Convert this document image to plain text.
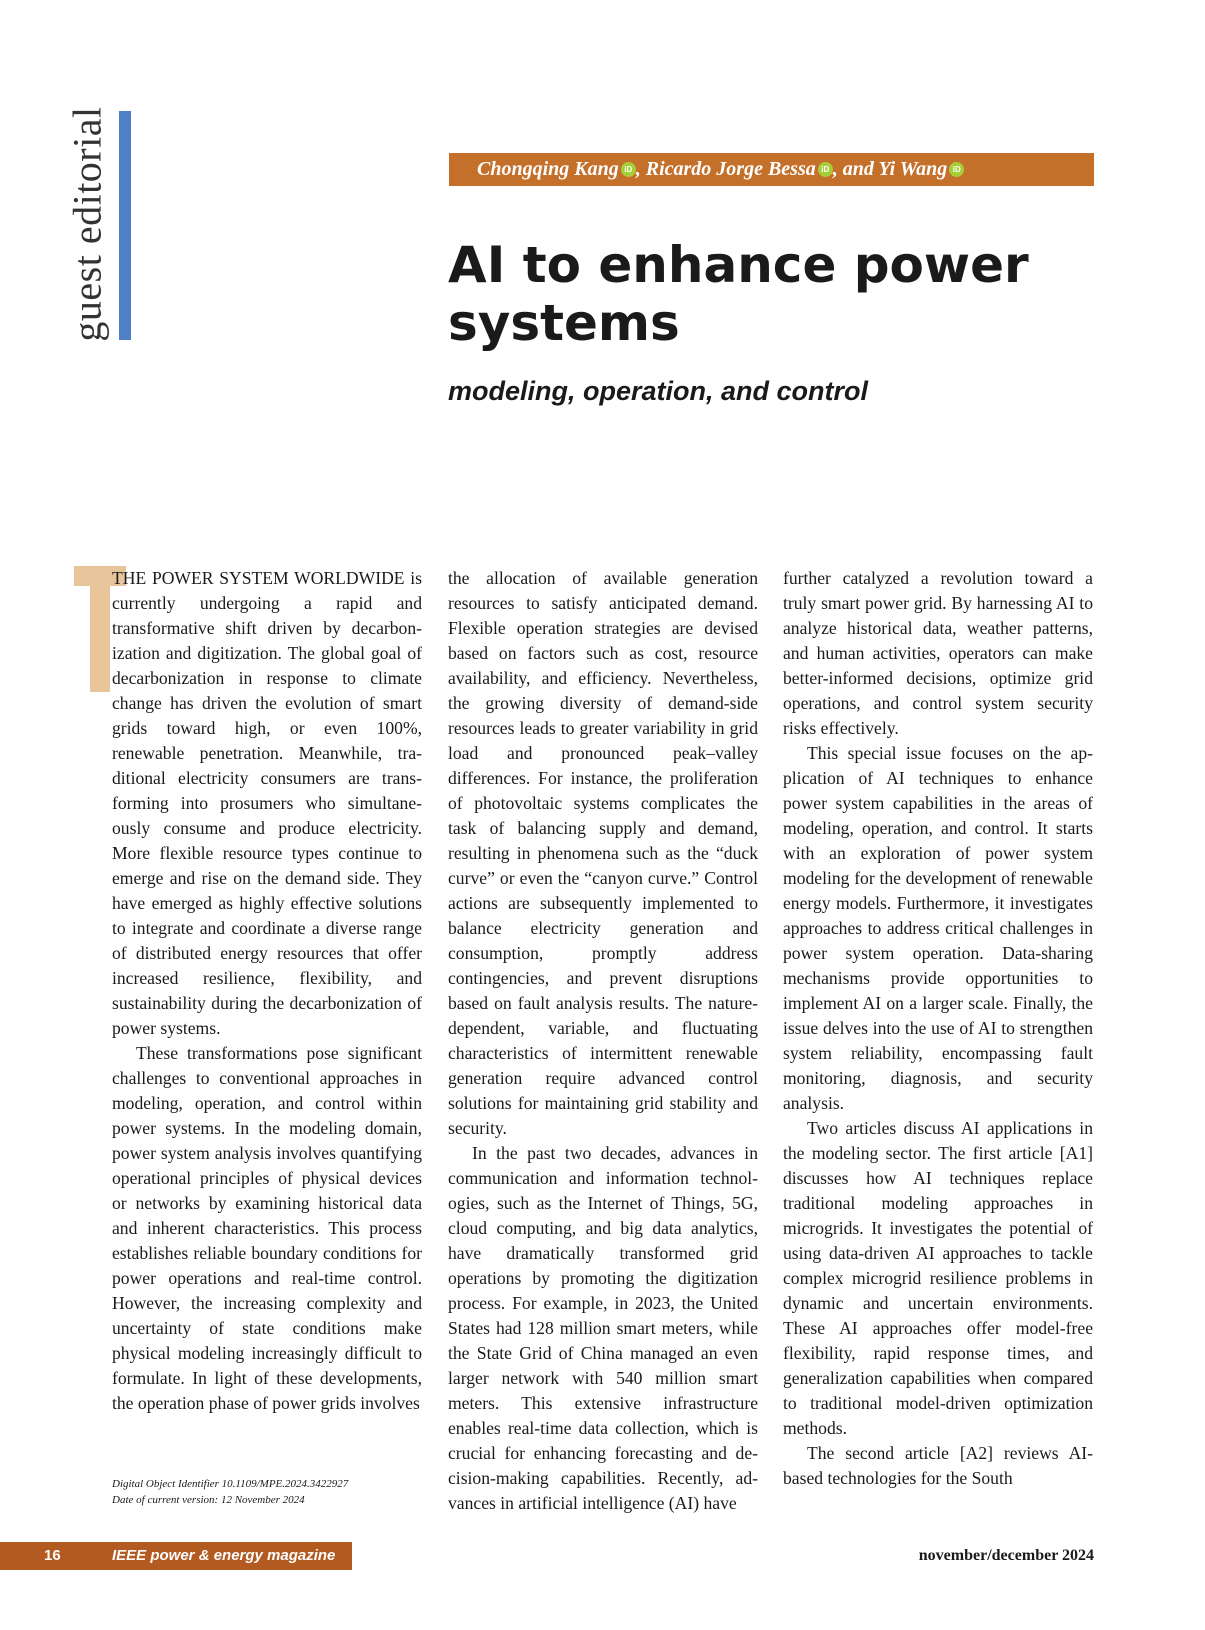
guest editorial	Chongqing Kang iD , Ricardo Jorge Bessa iD , and Yi Wang iD
AI to enhance power systems
modeling, operation, and control

THE POWER SYSTEM WORLDWIDE is currently undergoing a rapid and transformative shift driven by decarbonization and digitization. The global goal of decarbonization in response to climate change has driven the evolution of smart grids toward high, or even 100%, renewable penetration. Meanwhile, traditional electricity consumers are transforming into prosumers who simultaneously consume and produce electricity. More flexible resource types continue to emerge and rise on the demand side. They have emerged as highly effective solutions to integrate and coordinate a diverse range of distributed energy resources that offer increased resilience, flexibility, and sustainability during the decarbonization of power systems.

These transformations pose significant challenges to conventional approaches in modeling, operation, and control within power systems. In the modeling domain, power system analysis involves quantifying operational principles of physical devices or networks by examining historical data and inherent characteristics. This process establishes reliable boundary conditions for power operations and real-time control. However, the increasing complexity and uncertainty of state conditions make physical modeling increasingly difficult to formulate. In light of these developments, the operation phase of power grids involves

the allocation of available generation resources to satisfy anticipated demand. Flexible operation strategies are devised based on factors such as cost, resource availability, and efficiency. Nevertheless, the growing diversity of demand-side resources leads to greater variability in grid load and pronounced peak–valley differences. For instance, the proliferation of photovoltaic systems complicates the task of balancing supply and demand, resulting in phenomena such as the “duck curve” or even the “canyon curve.” Control actions are subsequently implemented to balance electricity generation and consumption, promptly address contingencies, and prevent disruptions based on fault analysis results. The nature-dependent, variable, and fluctuating characteristics of intermittent renewable generation require advanced control solutions for maintaining grid stability and security.

In the past two decades, advances in communication and information technologies, such as the Internet of Things, 5G, cloud computing, and big data analytics, have dramatically transformed grid operations by promoting the digitization process. For example, in 2023, the United States had 128 million smart meters, while the State Grid of China managed an even larger network with 540 million smart meters. This extensive infrastructure enables real-time data collection, which is crucial for enhancing forecasting and decision-making capabilities. Recently, advances in artificial intelligence (AI) have

further catalyzed a revolution toward a truly smart power grid. By harnessing AI to analyze historical data, weather patterns, and human activities, operators can make better-informed decisions, optimize grid operations, and control system security risks effectively.

This special issue focuses on the application of AI techniques to enhance power system capabilities in the areas of modeling, operation, and control. It starts with an exploration of power system modeling for the development of renewable energy models. Furthermore, it investigates approaches to address critical challenges in power system operation. Data-sharing mechanisms provide opportunities to implement AI on a larger scale. Finally, the issue delves into the use of AI to strengthen system reliability, encompassing fault monitoring, diagnosis, and security analysis.

Two articles discuss AI applications in the modeling sector. The first article [A1] discusses how AI techniques replace traditional modeling approaches in microgrids. It investigates the potential of using data-driven AI approaches to tackle complex microgrid resilience problems in dynamic and uncertain environments. These AI approaches offer model-free flexibility, rapid response times, and generalization capabilities when compared to traditional model-driven optimization methods.

The second article [A2] reviews AI-based technologies for the South

Digital Object Identifier 10.1109/MPE.2024.3422927
Date of current version: 12 November 2024
16	IEEE power & energy magazine	november/december 2024
